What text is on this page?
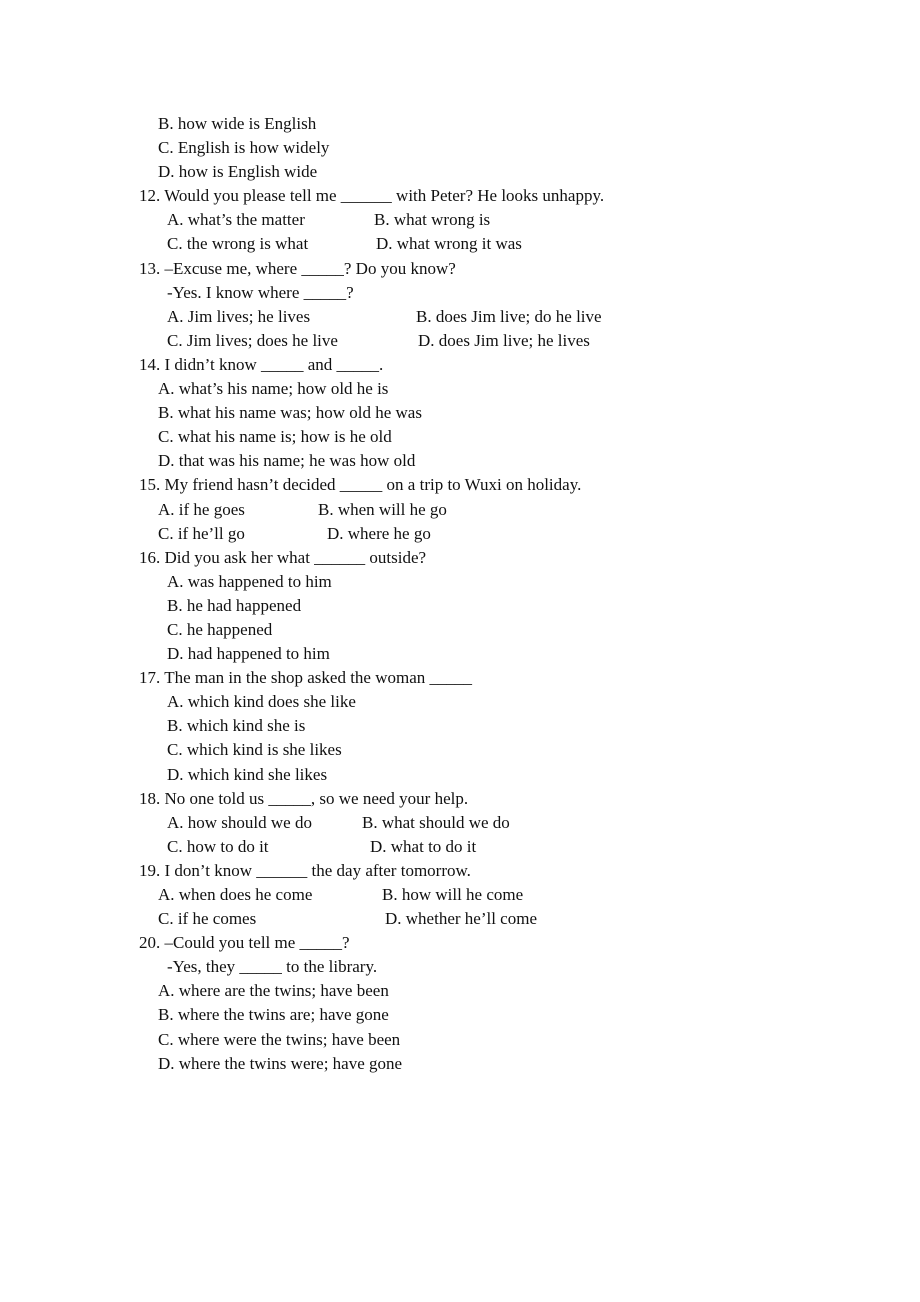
B. how wide is English
C. English is how widely
D. how is English wide
12. Would you please tell me ______ with Peter? He looks unhappy.
A. what’s the matter	B. what wrong is
C. the wrong is what	D. what wrong it was
13. –Excuse me, where _____? Do you know?
-Yes. I know where _____?
A. Jim lives; he lives	B. does Jim live; do he live
C. Jim lives; does he live	D. does Jim live; he lives
14. I didn’t know _____ and _____.
A. what’s his name; how old he is
B. what his name was; how old he was
C. what his name is; how is he old
D. that was his name; he was how old
15. My friend hasn’t decided _____ on a trip to Wuxi on holiday.
A. if he goes	B. when will he go
C. if he’ll go	D. where he go
16. Did you ask her what ______ outside?
A. was happened to him
B. he had happened
C. he happened
D. had happened to him
17. The man in the shop asked the woman _____
A. which kind does she like
B. which kind she is
C. which kind is she likes
D. which kind she likes
18. No one told us _____, so we need your help.
A. how should we do	B. what should we do
C. how to do it	D. what to do it
19. I don’t know ______ the day after tomorrow.
A. when does he come	B. how will he come
C. if he comes	D. whether he’ll come
20. –Could you tell me _____?
-Yes, they _____ to the library.
A. where are the twins; have been
B. where the twins are; have gone
C. where were the twins; have been
D. where the twins were; have gone
